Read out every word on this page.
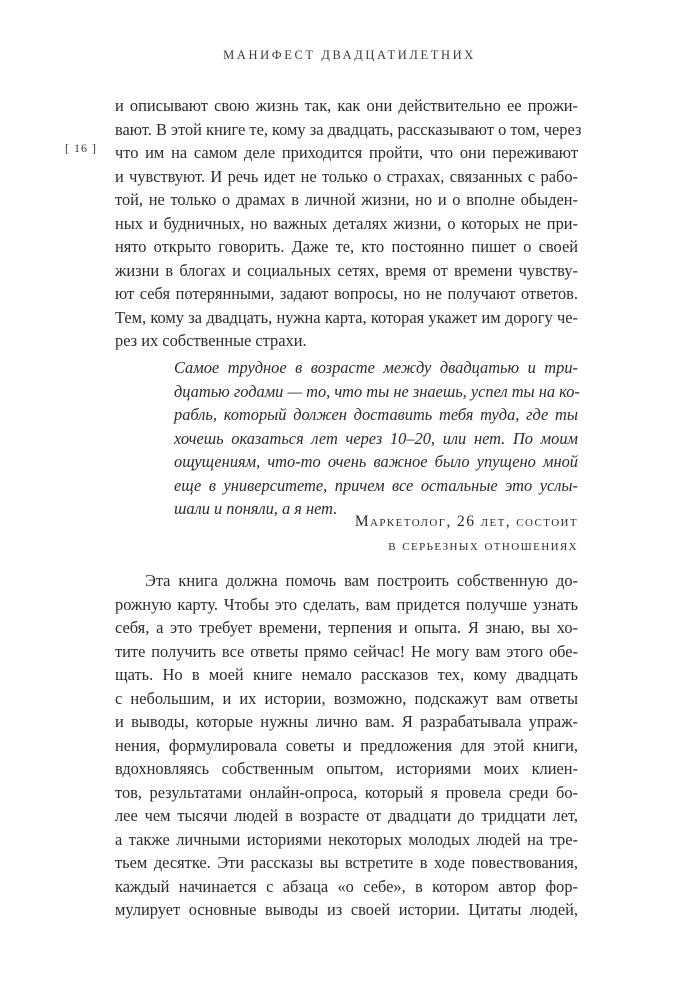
МАНИФЕСТ ДВАДЦАТИЛЕТНИХ
[ 16 ]

и описывают свою жизнь так, как они действительно ее прожи-
вают. В этой книге те, кому за двадцать, рассказывают о том, через
что им на самом деле приходится пройти, что они переживают
и чувствуют. И речь идет не только о страхах, связанных с рабо-
той, не только о драмах в личной жизни, но и о вполне обыден-
ных и будничных, но важных деталях жизни, о которых не при-
нято открыто говорить. Даже те, кто постоянно пишет о своей
жизни в блогах и социальных сетях, время от времени чувству-
ют себя потерянными, задают вопросы, но не получают ответов.
Тем, кому за двадцать, нужна карта, которая укажет им дорогу че-
рез их собственные страхи.

Самое трудное в возрасте между двадцатью и три-
дцатью годами — то, что ты не знаешь, успел ты на ко-
рабль, который должен доставить тебя туда, где ты
хочешь оказаться лет через 10–20, или нет. По моим
ощущениям, что-то очень важное было упущено мной
еще в университете, причем все остальные это услы-
шали и поняли, а я нет.

Маркетолог, 26 лет, состоит
в серьезных отношениях

Эта книга должна помочь вам построить собственную до-
рожную карту. Чтобы это сделать, вам придется получше узнать
себя, а это требует времени, терпения и опыта. Я знаю, вы хо-
тите получить все ответы прямо сейчас! Не могу вам этого обе-
щать. Но в моей книге немало рассказов тех, кому двадцать
с небольшим, и их истории, возможно, подскажут вам ответы
и выводы, которые нужны лично вам. Я разрабатывала упраж-
нения, формулировала советы и предложения для этой книги,
вдохновляясь собственным опытом, историями моих клиен-
тов, результатами онлайн-опроса, который я провела среди бо-
лее чем тысячи людей в возрасте от двадцати до тридцати лет,
а также личными историями некоторых молодых людей на тре-
тьем десятке. Эти рассказы вы встретите в ходе повествования,
каждый начинается с абзаца «о себе», в котором автор фор-
мулирует основные выводы из своей истории. Цитаты людей,
